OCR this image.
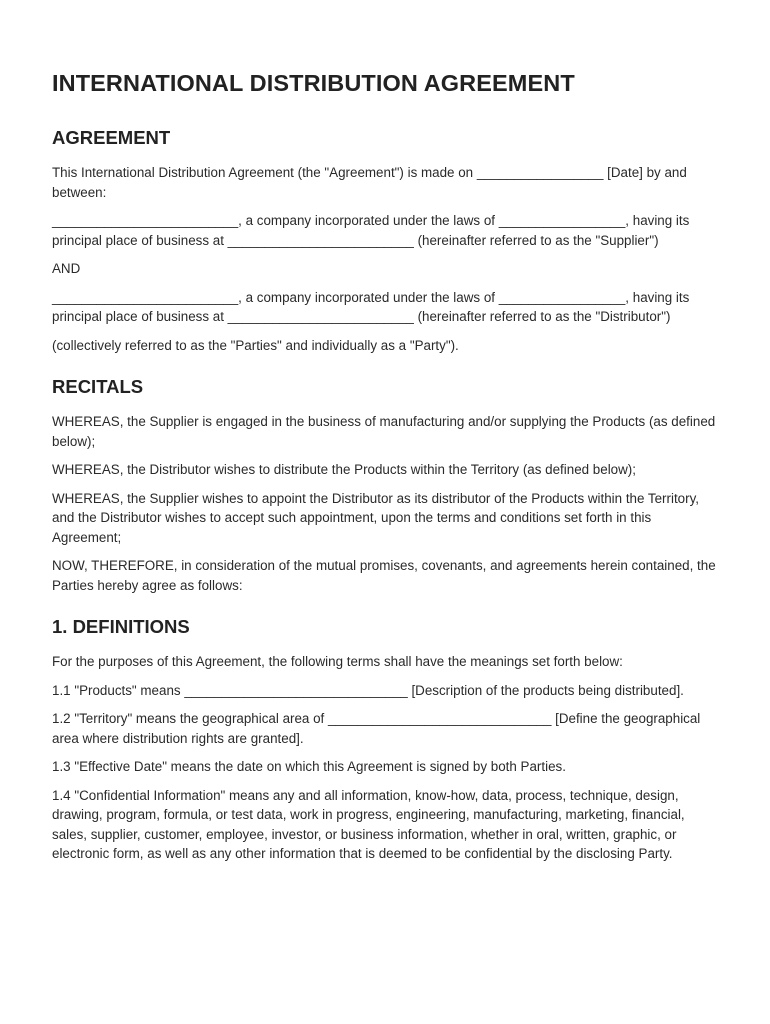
INTERNATIONAL DISTRIBUTION AGREEMENT
AGREEMENT

This International Distribution Agreement (the "Agreement") is made on _________________ [Date] by and between:

_________________________, a company incorporated under the laws of _________________, having its principal place of business at _________________________ (hereinafter referred to as the "Supplier")

AND

_________________________, a company incorporated under the laws of _________________, having its principal place of business at _________________________ (hereinafter referred to as the "Distributor")

(collectively referred to as the "Parties" and individually as a "Party").

RECITALS

WHEREAS, the Supplier is engaged in the business of manufacturing and/or supplying the Products (as defined below);

WHEREAS, the Distributor wishes to distribute the Products within the Territory (as defined below);

WHEREAS, the Supplier wishes to appoint the Distributor as its distributor of the Products within the Territory, and the Distributor wishes to accept such appointment, upon the terms and conditions set forth in this Agreement;

NOW, THEREFORE, in consideration of the mutual promises, covenants, and agreements herein contained, the Parties hereby agree as follows:

1. DEFINITIONS

For the purposes of this Agreement, the following terms shall have the meanings set forth below:

1.1 "Products" means ______________________________ [Description of the products being distributed].

1.2 "Territory" means the geographical area of ______________________________ [Define the geographical area where distribution rights are granted].

1.3 "Effective Date" means the date on which this Agreement is signed by both Parties.

1.4 "Confidential Information" means any and all information, know-how, data, process, technique, design, drawing, program, formula, or test data, work in progress, engineering, manufacturing, marketing, financial, sales, supplier, customer, employee, investor, or business information, whether in oral, written, graphic, or electronic form, as well as any other information that is deemed to be confidential by the disclosing Party.
